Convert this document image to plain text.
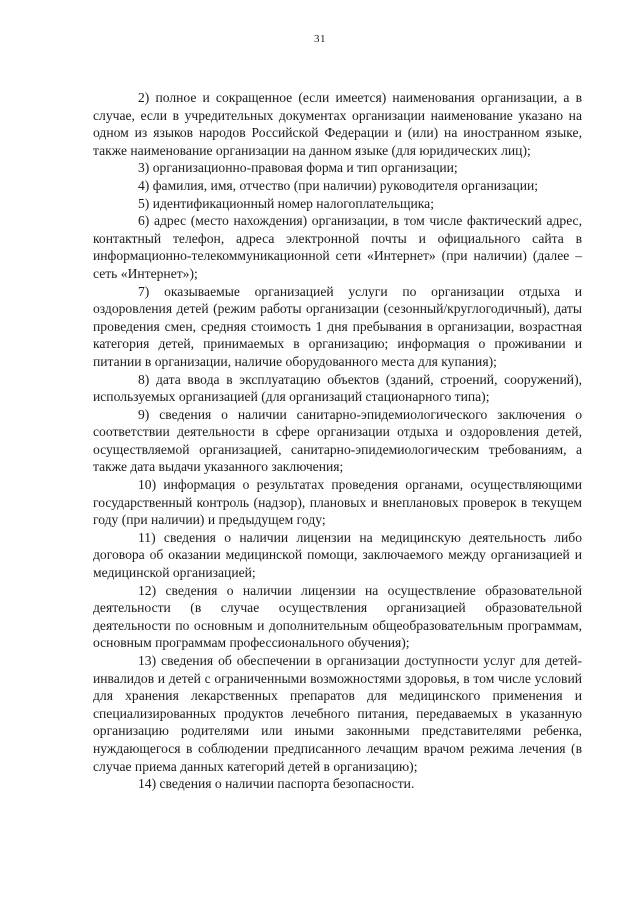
31

2) полное и сокращенное (если имеется) наименования организации, а в случае, если в учредительных документах организации наименование указано на одном из языков народов Российской Федерации и (или) на иностранном языке, также наименование организации на данном языке (для юридических лиц);

3) организационно-правовая форма и тип организации;

4) фамилия, имя, отчество (при наличии) руководителя организации;

5) идентификационный номер налогоплательщика;

6) адрес (место нахождения) организации, в том числе фактический адрес, контактный телефон, адреса электронной почты и официального сайта в информационно-телекоммуникационной сети «Интернет» (при наличии) (далее – сеть «Интернет»);

7) оказываемые организацией услуги по организации отдыха и оздоровления детей (режим работы организации (сезонный/круглогодичный), даты проведения смен, средняя стоимость 1 дня пребывания в организации, возрастная категория детей, принимаемых в организацию; информация о проживании и питании в организации, наличие оборудованного места для купания);

8) дата ввода в эксплуатацию объектов (зданий, строений, сооружений), используемых организацией (для организаций стационарного типа);

9) сведения о наличии санитарно-эпидемиологического заключения о соответствии деятельности в сфере организации отдыха и оздоровления детей, осуществляемой организацией, санитарно-эпидемиологическим требованиям, а также дата выдачи указанного заключения;

10) информация о результатах проведения органами, осуществляющими государственный контроль (надзор), плановых и внеплановых проверок в текущем году (при наличии) и предыдущем году;

11) сведения о наличии лицензии на медицинскую деятельность либо договора об оказании медицинской помощи, заключаемого между организацией и медицинской организацией;

12) сведения о наличии лицензии на осуществление образовательной деятельности (в случае осуществления организацией образовательной деятельности по основным и дополнительным общеобразовательным программам, основным программам профессионального обучения);

13) сведения об обеспечении в организации доступности услуг для детей-инвалидов и детей с ограниченными возможностями здоровья, в том числе условий для хранения лекарственных препаратов для медицинского применения и специализированных продуктов лечебного питания, передаваемых в указанную организацию родителями или иными законными представителями ребенка, нуждающегося в соблюдении предписанного лечащим врачом режима лечения (в случае приема данных категорий детей в организацию);

14) сведения о наличии паспорта безопасности.
